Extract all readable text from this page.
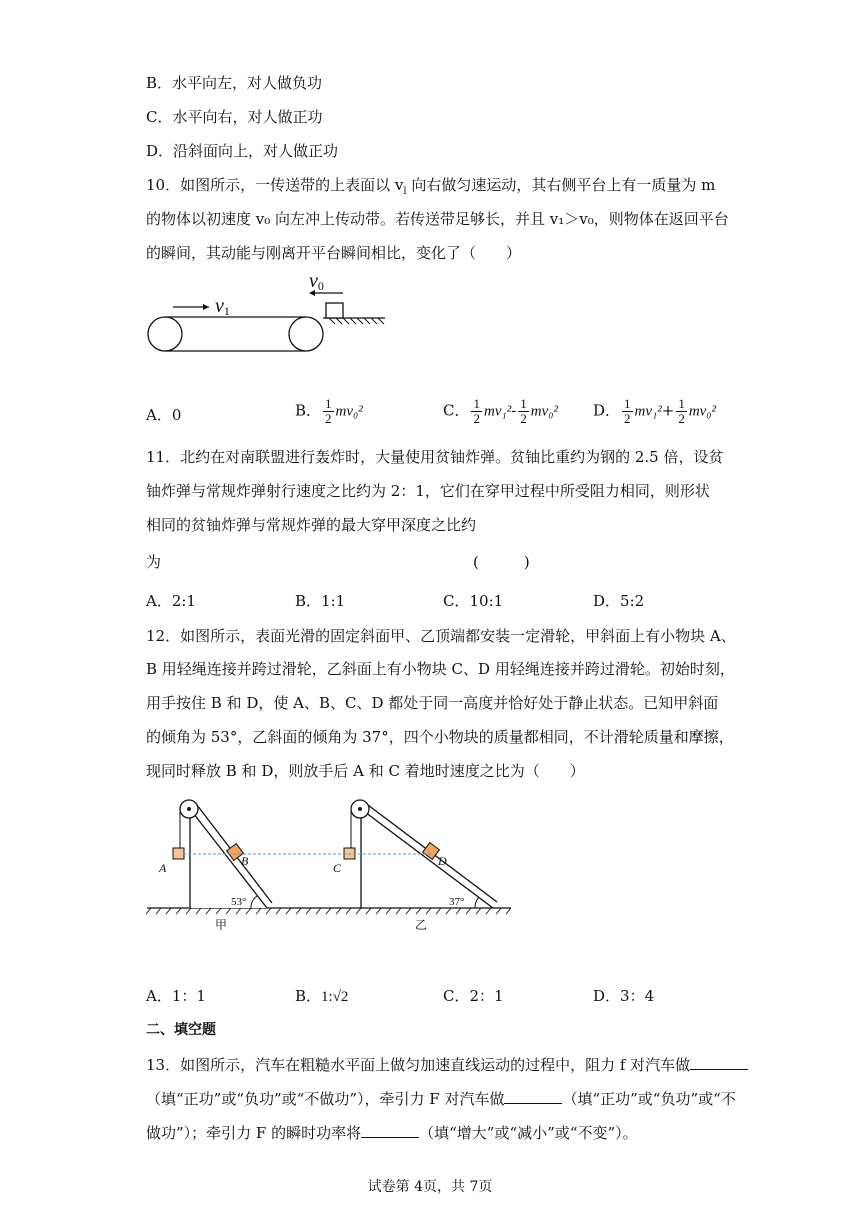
B．水平向左，对人做负功
C．水平向右，对人做正功
D．沿斜面向上，对人做正功
10．如图所示，一传送带的上表面以 $v_l$ 向右做匀速运动，其右侧平台上有一质量为 m
的物体以初速度 v₀ 向左冲上传动带。若传送带足够长，并且 v₁＞v₀，则物体在返回平台
的瞬间，其动能与刚离开平台瞬间相比，变化了（　　）
v1
v0
A．0	B． $\frac{1}{2} mv_0^2$	C． $\frac{1}{2} mv_1^2- \frac{1}{2} mv_0^2$ D． $\frac{1}{2} mv_1^2+ \frac{1}{2} mv_0^2$
11．北约在对南联盟进行轰炸时，大量使用贫铀炸弹。贫铀比重约为钢的 2.5 倍，设贫
铀炸弹与常规炸弹射行速度之比约为 2：1，它们在穿甲过程中所受阻力相同，则形状
相同的贫铀炸弹与常规炸弹的最大穿甲深度之比约
为	(　　　)
A．2:1	B．1:1	C．10:1	D．5:2
12．如图所示，表面光滑的固定斜面甲、乙顶端都安装一定滑轮，甲斜面上有小物块 A、
B 用轻绳连接并跨过滑轮，乙斜面上有小物块 C、D 用轻绳连接并跨过滑轮。初始时刻，
用手按住 B 和 D，使 A、B、C、D 都处于同一高度并恰好处于静止状态。已知甲斜面
的倾角为 53°，乙斜面的倾角为 37°，四个小物块的质量都相同，不计滑轮质量和摩擦，
现同时释放 B 和 D，则放手后 A 和 C 着地时速度之比为（　　）
A	B	C	D
53°	37°
甲	乙
A．1：1	B．1:√2	C．2：1	D．3：4
二、填空题
13．如图所示，汽车在粗糙水平面上做匀加速直线运动的过程中，阻力 f 对汽车做
（填“正功”或“负功”或“不做功”），牵引力 F 对汽车做	（填“正功”或“负功”或“不
做功”）；牵引力 F 的瞬时功率将	（填“增大”或“减小”或“不变”）。
试卷第 4页，共 7页
